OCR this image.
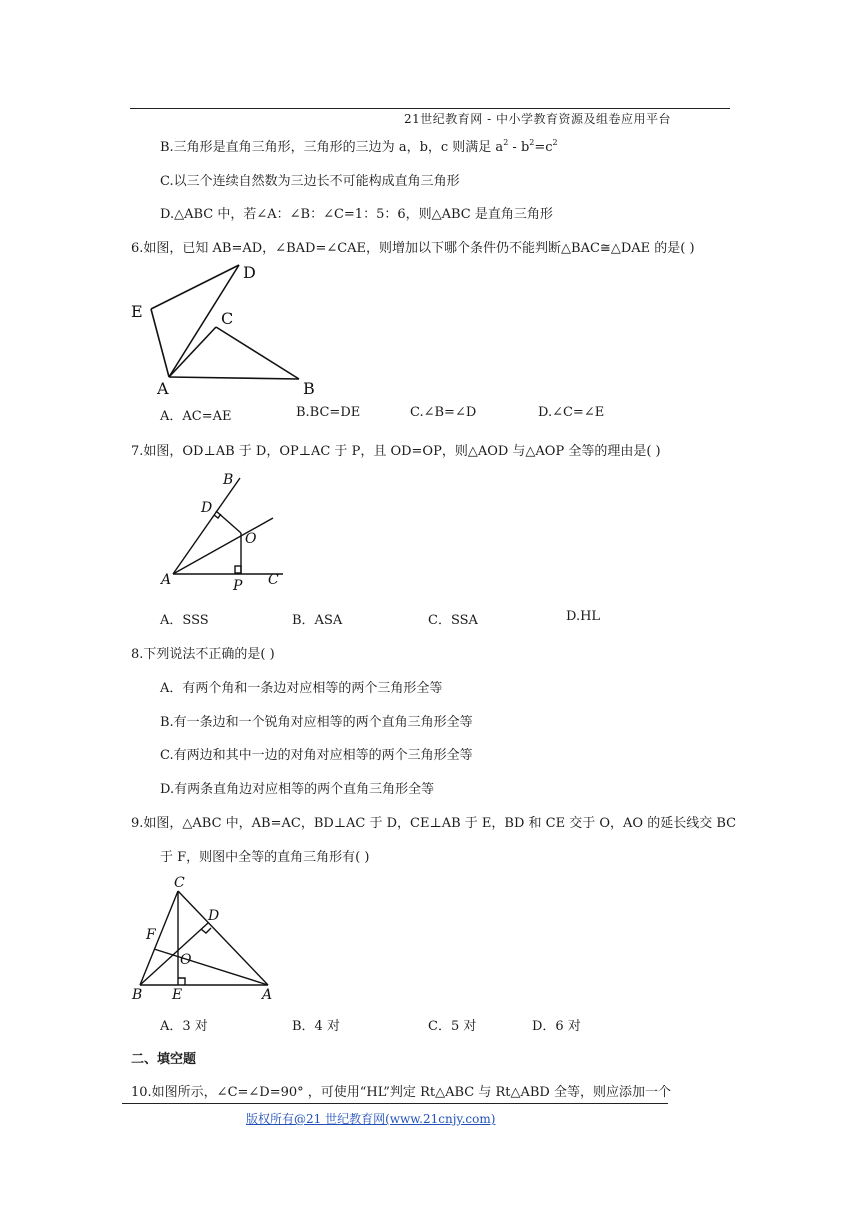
21世纪教育网 - 中小学教育资源及组卷应用平台
B.三角形是直角三角形，三角形的三边为 a，b，c 则满足 $a^2 - b^2=c^2$
C.以三个连续自然数为三边长不可能构成直角三角形
D.△ABC 中，若∠A：∠B：∠C=1：5：6，则△ABC 是直角三角形
6.如图，已知 AB=AD，∠BAD=∠CAE，则增加以下哪个条件仍不能判断△BAC≅△DAE 的是( )
D
E	C
A	B
A．AC=AE	B.BC=DE	C.∠B=∠D	D.∠C=∠E
7.如图，OD⊥AB 于 D，OP⊥AC 于 P，且 OD=OP，则△AOD 与△AOP 全等的理由是( )
B
D
O
A	P C
A．SSS	B．ASA	C．SSA	D.HL
8.下列说法不正确的是( )
A．有两个角和一条边对应相等的两个三角形全等
B.有一条边和一个锐角对应相等的两个直角三角形全等
C.有两边和其中一边的对角对应相等的两个三角形全等
D.有两条直角边对应相等的两个直角三角形全等
9.如图，△ABC 中，AB=AC，BD⊥AC 于 D，CE⊥AB 于 E，BD 和 CE 交于 O，AO 的延长线交 BC
于 F，则图中全等的直角三角形有( )
C
D
F
O
B E	A
A．3 对	B．4 对	C．5 对	D．6 对
二、填空题
10.如图所示，∠C=∠D=90° ，可使用“HL”判定 Rt△ABC 与 Rt△ABD 全等，则应添加一个
版权所有@21 世纪教育网(www.21cnjy.com)
